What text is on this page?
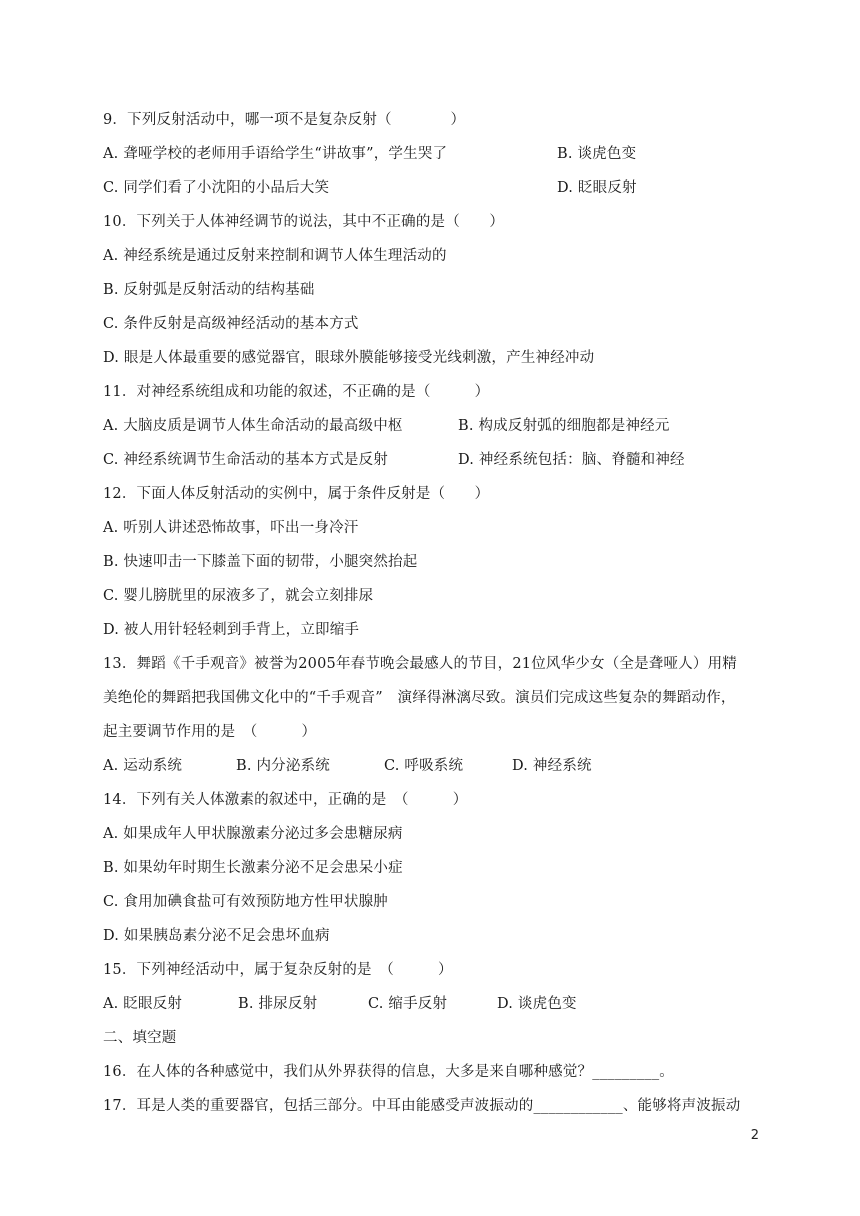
9．下列反射活动中，哪一项不是复杂反射（　　　　）
A. 聋哑学校的老师用手语给学生“讲故事”，学生哭了	B. 谈虎色变
C. 同学们看了小沈阳的小品后大笑	D. 眨眼反射
10．下列关于人体神经调节的说法，其中不正确的是（　　）
A. 神经系统是通过反射来控制和调节人体生理活动的
B. 反射弧是反射活动的结构基础
C. 条件反射是高级神经活动的基本方式
D. 眼是人体最重要的感觉器官，眼球外膜能够接受光线刺激，产生神经冲动
11．对神经系统组成和功能的叙述，不正确的是（　　　）
A. 大脑皮质是调节人体生命活动的最高级中枢	B. 构成反射弧的细胞都是神经元
C. 神经系统调节生命活动的基本方式是反射	D. 神经系统包括：脑、脊髓和神经
12．下面人体反射活动的实例中，属于条件反射是（　　）
A. 听别人讲述恐怖故事，吓出一身冷汗
B. 快速叩击一下膝盖下面的韧带，小腿突然抬起
C. 婴儿膀胱里的尿液多了，就会立刻排尿
D. 被人用针轻轻刺到手背上，立即缩手
13．舞蹈《千手观音》被誉为2005年春节晚会最感人的节目，21位风华少女（全是聋哑人）用精
美绝伦的舞蹈把我国佛文化中的“千手观音”　演绎得淋漓尽致。演员们完成这些复杂的舞蹈动作，
起主要调节作用的是　（　　　）
A. 运动系统	B. 内分泌系统	C. 呼吸系统	D. 神经系统
14．下列有关人体激素的叙述中，正确的是　（　　　）
A. 如果成年人甲状腺激素分泌过多会患糖尿病
B. 如果幼年时期生长激素分泌不足会患呆小症
C. 食用加碘食盐可有效预防地方性甲状腺肿
D. 如果胰岛素分泌不足会患坏血病
15．下列神经活动中，属于复杂反射的是　（　　　）
A. 眨眼反射	B. 排尿反射	C. 缩手反射	D. 谈虎色变
二、填空题
16．在人体的各种感觉中，我们从外界获得的信息，大多是来自哪种感觉？_________。
17．耳是人类的重要器官，包括三部分。中耳由能感受声波振动的____________、能够将声波振动
2
